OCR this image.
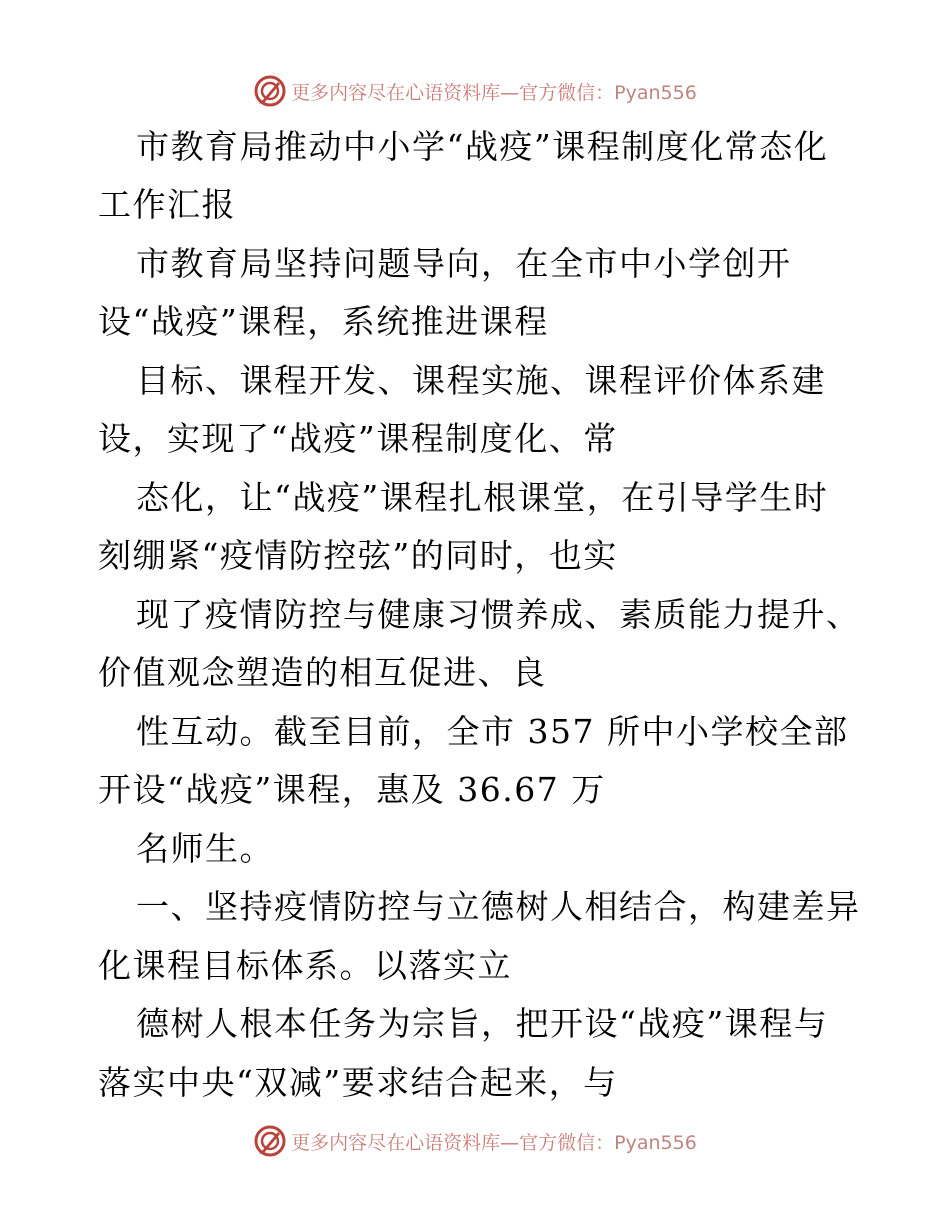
更多内容尽在心语资料库—官方微信：Pyan556
市教育局推动中小学“战疫”课程制度化常态化
工作汇报
市教育局坚持问题导向，在全市中小学创开
设“战疫”课程，系统推进课程
目标、课程开发、课程实施、课程评价体系建
设，实现了“战疫”课程制度化、常
态化，让“战疫”课程扎根课堂，在引导学生时
刻绷紧“疫情防控弦”的同时，也实
现了疫情防控与健康习惯养成、素质能力提升、
价值观念塑造的相互促进、良
性互动。截至目前，全市 357 所中小学校全部
开设“战疫”课程，惠及 36.67 万
名师生。
一、坚持疫情防控与立德树人相结合，构建差异
化课程目标体系。以落实立
德树人根本任务为宗旨，把开设“战疫”课程与
落实中央“双减”要求结合起来，与
更多内容尽在心语资料库—官方微信：Pyan556
